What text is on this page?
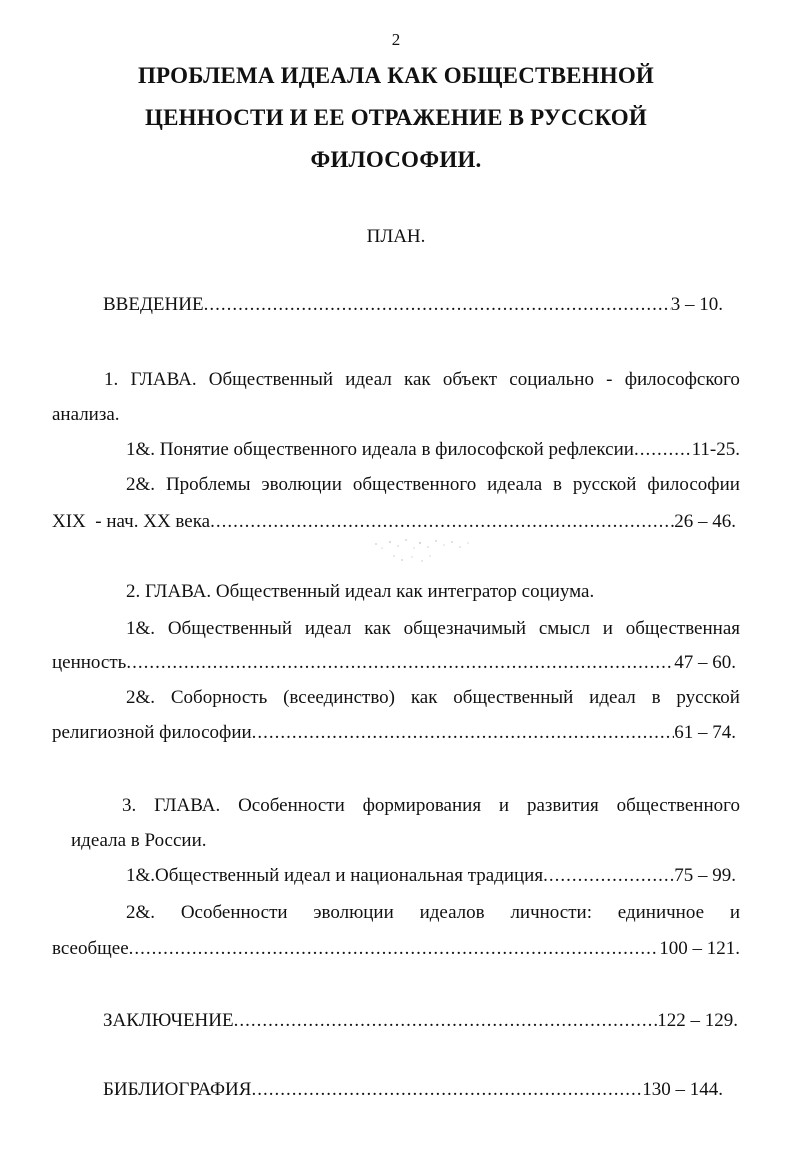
2
ПРОБЛЕМА ИДЕАЛА КАК ОБЩЕСТВЕННОЙ
ЦЕННОСТИ И ЕЕ ОТРАЖЕНИЕ В РУССКОЙ
ФИЛОСОФИИ.
ПЛАН.
ВВЕДЕНИЕ .....	3 – 10.
1. ГЛАВА. Общественный идеал как объект социально - философского
анализа.
1&. Понятие общественного идеала в философской рефлексии .....	11-25.
2&. Проблемы эволюции общественного идеала в русской философии
XIX  - нач. XX века .....	26 – 46.
2. ГЛАВА. Общественный идеал как интегратор социума.
1&. Общественный идеал как общезначимый смысл и общественная
ценность .....	47 – 60.
2&. Соборность (всеединство) как общественный идеал в русской
религиозной философии .....	61 – 74.
3. ГЛАВА. Особенности формирования и развития общественного
идеала в России.
1&.Общественный идеал и национальная традиция .....	75 – 99.
2&. Особенности эволюции идеалов личности: единичное и
всеобщее .....	100 – 121.
ЗАКЛЮЧЕНИЕ .....	122 – 129.
БИБЛИОГРАФИЯ .....	130 – 144.
